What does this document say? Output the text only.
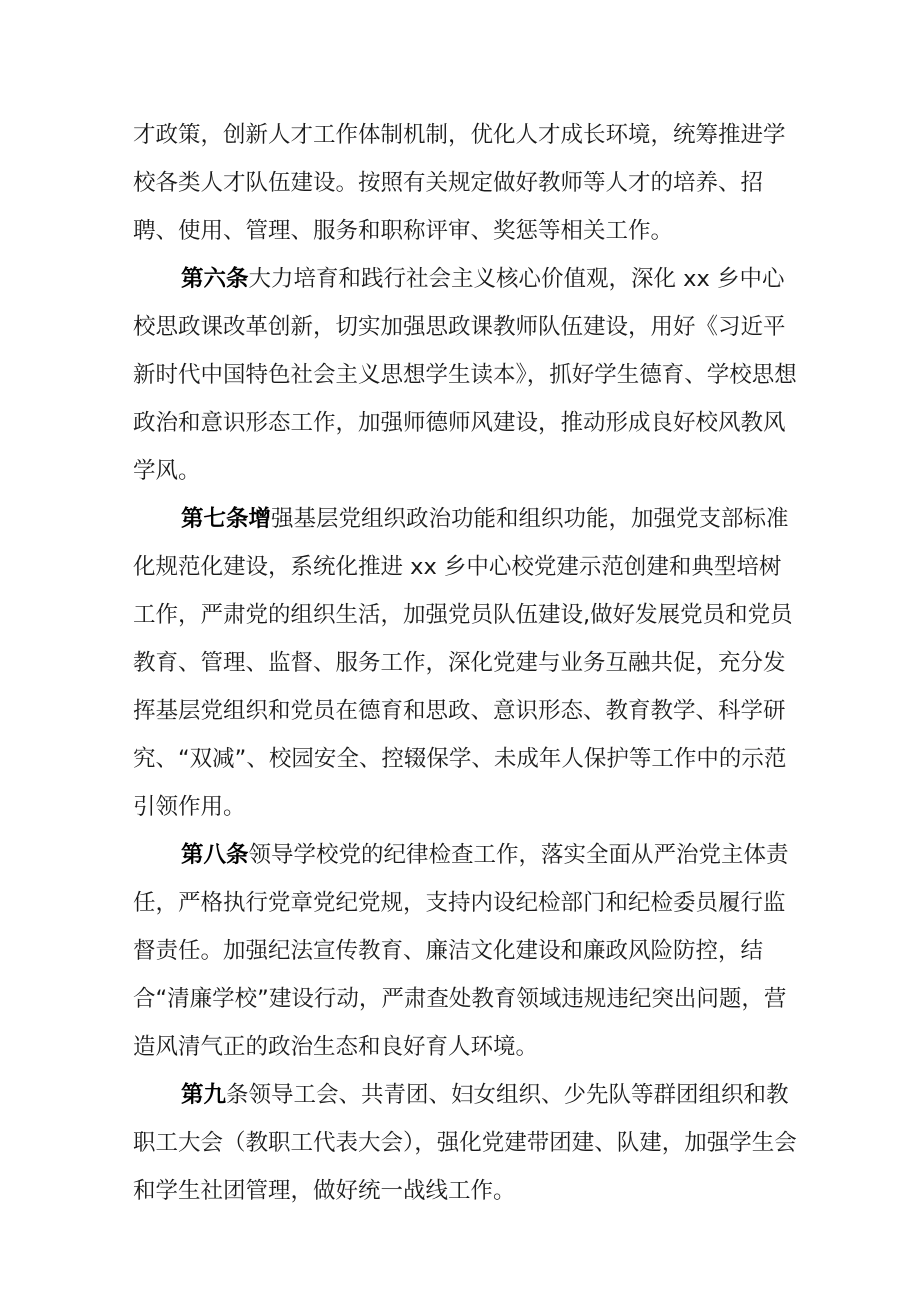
才政策，创新人才工作体制机制，优化人才成长环境，统筹推进学校各类人才队伍建设。按照有关规定做好教师等人才的培养、招聘、使用、管理、服务和职称评审、奖惩等相关工作。

第六条大力培育和践行社会主义核心价值观，深化 xx 乡中心校思政课改革创新，切实加强思政课教师队伍建设，用好《习近平新时代中国特色社会主义思想学生读本》，抓好学生德育、学校思想政治和意识形态工作，加强师德师风建设，推动形成良好校风教风学风。

第七条增强基层党组织政治功能和组织功能，加强党支部标准化规范化建设，系统化推进 xx 乡中心校党建示范创建和典型培树工作，严肃党的组织生活，加强党员队伍建设,做好发展党员和党员教育、管理、监督、服务工作，深化党建与业务互融共促，充分发挥基层党组织和党员在德育和思政、意识形态、教育教学、科学研究、“双减”、校园安全、控辍保学、未成年人保护等工作中的示范引领作用。

第八条领导学校党的纪律检查工作，落实全面从严治党主体责任，严格执行党章党纪党规，支持内设纪检部门和纪检委员履行监督责任。加强纪法宣传教育、廉洁文化建设和廉政风险防控，结合“清廉学校”建设行动，严肃查处教育领域违规违纪突出问题，营造风清气正的政治生态和良好育人环境。

第九条领导工会、共青团、妇女组织、少先队等群团组织和教职工大会（教职工代表大会），强化党建带团建、队建，加强学生会和学生社团管理，做好统一战线工作。
